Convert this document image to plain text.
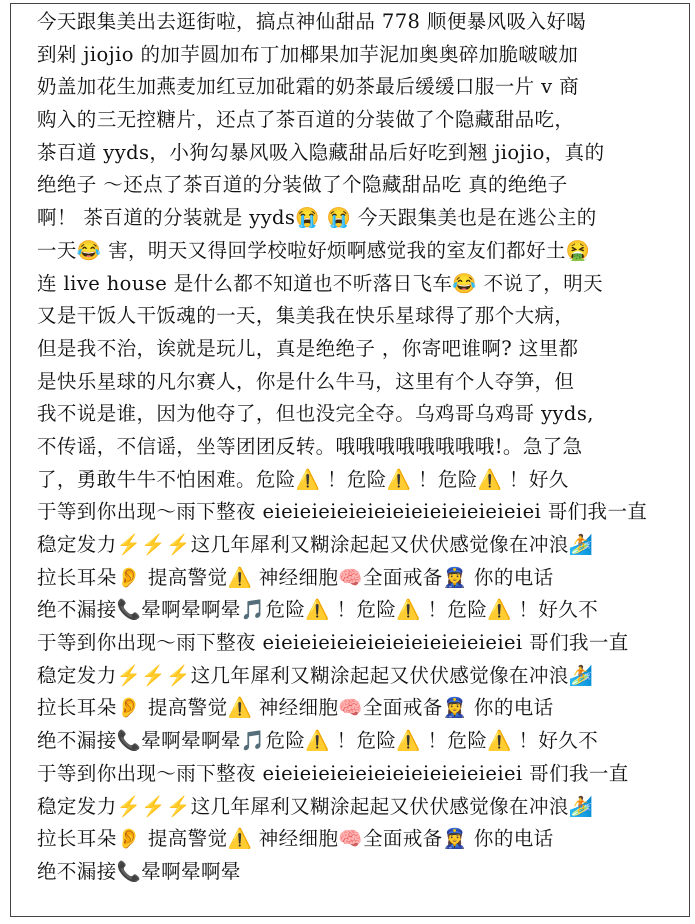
今天跟集美出去逛街啦，搞点神仙甜品 778 顺便暴风吸入好喝
到剁 jiojio 的加芋圆加布丁加椰果加芋泥加奥奥碎加脆啵啵加
奶盖加花生加燕麦加红豆加砒霜的奶茶最后缓缓口服一片 v 商
购入的三无控糖片，还点了茶百道的分装做了个隐藏甜品吃，
茶百道 yyds，小狗勾暴风吸入隐藏甜品后好吃到翘 jiojio，真的
绝绝子 ～还点了茶百道的分装做了个隐藏甜品吃 真的绝绝子
啊！ 茶百道的分装就是 yyds😭 😭 今天跟集美也是在逃公主的
一天😂 害，明天又得回学校啦好烦啊感觉我的室友们都好土🤮
连 live house 是什么都不知道也不听落日飞车😂 不说了，明天
又是干饭人干饭魂的一天，集美我在快乐星球得了那个大病，
但是我不治，诶就是玩儿，真是绝绝子 ，你寄吧谁啊? 这里都
是快乐星球的凡尔赛人，你是什么牛马，这里有个人夺笋，但
我不说是谁，因为他夺了，但也没完全夺。乌鸡哥乌鸡哥 yyds,
不传谣，不信谣，坐等团团反转。哦哦哦哦哦哦哦哦!。急了急
了，勇敢牛牛不怕困难。危险⚠️ ！危险⚠️ ！危险⚠️ ！好久
于等到你出现～雨下整夜 eieieieieieieieieieieieieieiei 哥们我一直
稳定发力⚡⚡⚡这几年犀利又糊涂起起又伏伏感觉像在冲浪🏄
拉长耳朵👂 提高警觉⚠️ 神经细胞🧠全面戒备👮‍♀️ 你的电话
绝不漏接📞晕啊晕啊晕🎵危险⚠️ ！危险⚠️ ！危险⚠️ ！好久不
于等到你出现～雨下整夜 eieieieieieieieieieieieieiei 哥们我一直
稳定发力⚡⚡⚡这几年犀利又糊涂起起又伏伏感觉像在冲浪🏄
拉长耳朵👂 提高警觉⚠️ 神经细胞🧠全面戒备👮‍♀️ 你的电话
绝不漏接📞晕啊晕啊晕🎵危险⚠️ ！危险⚠️ ！危险⚠️ ！好久不
于等到你出现～雨下整夜 eieieieieieieieieieieieieiei 哥们我一直
稳定发力⚡⚡⚡这几年犀利又糊涂起起又伏伏感觉像在冲浪🏄
拉长耳朵👂 提高警觉⚠️ 神经细胞🧠全面戒备👮‍♀️ 你的电话
绝不漏接📞晕啊晕啊晕
